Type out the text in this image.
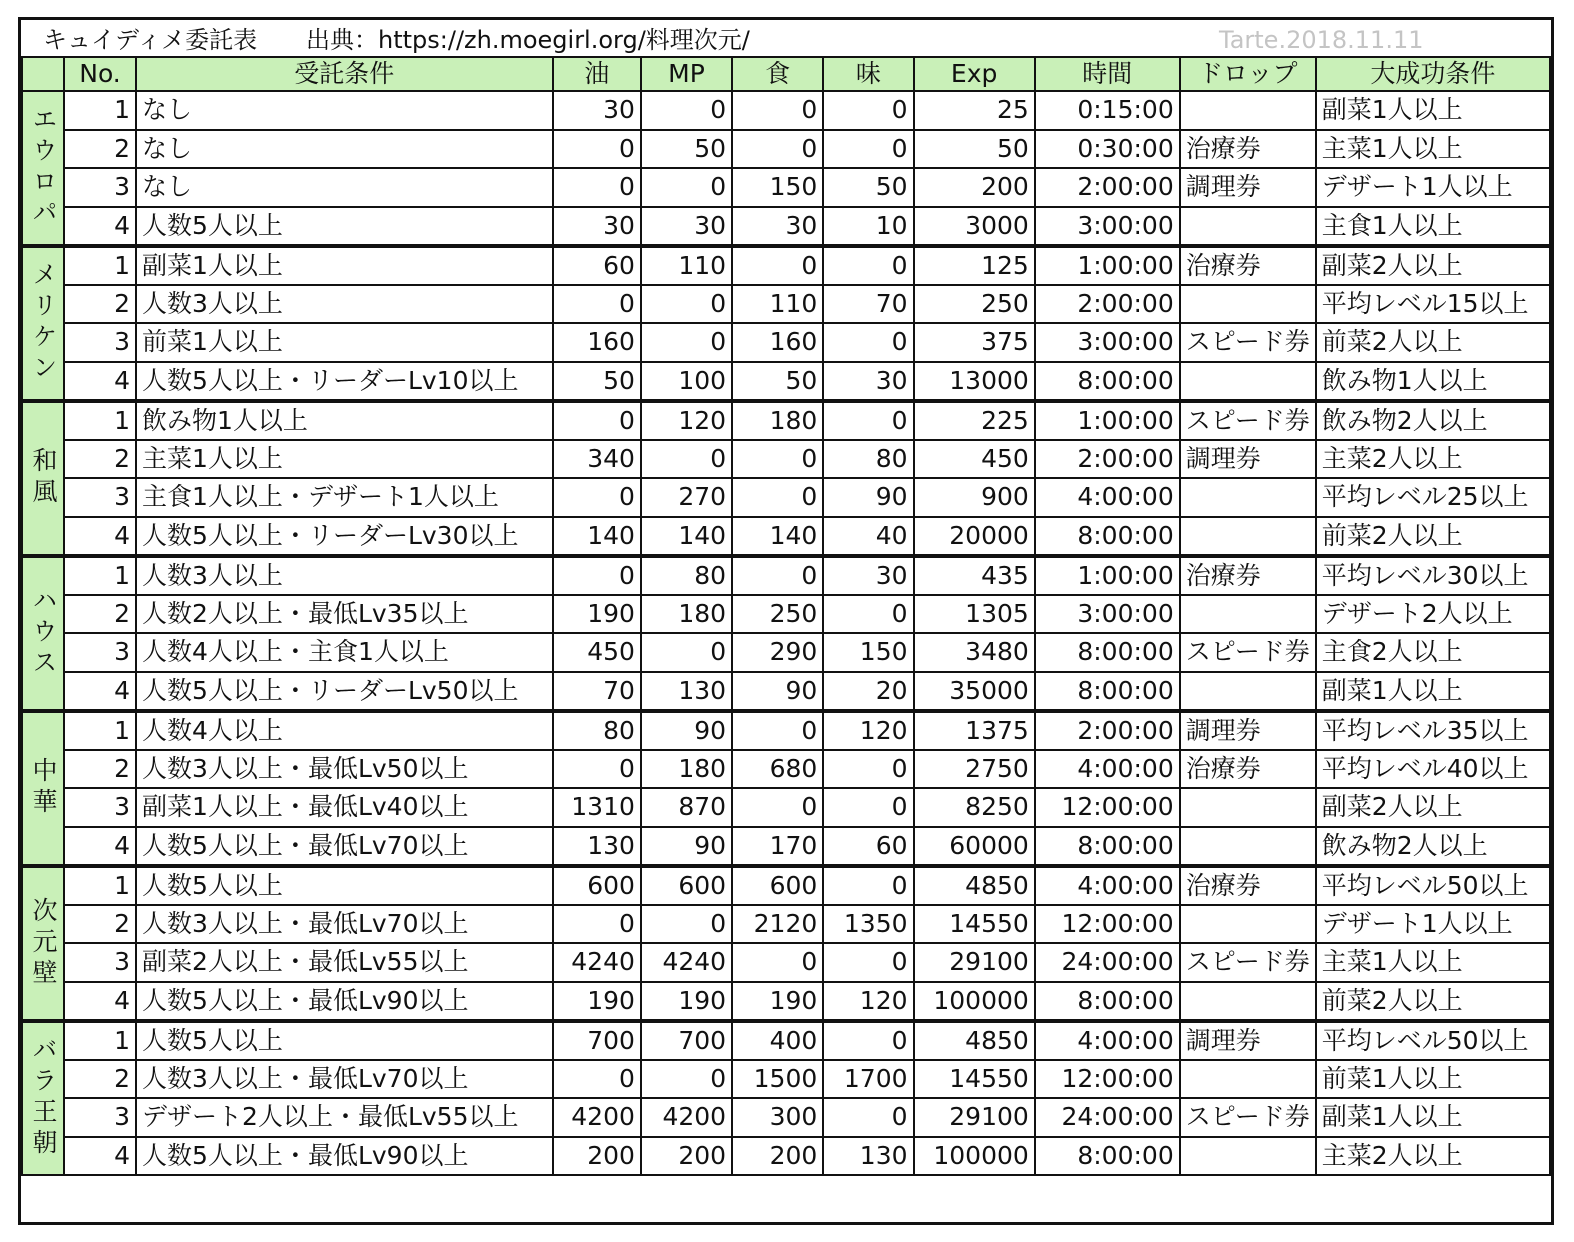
キュイディメ委託表 出典：https://zh.moegirl.org/料理次元/	Tarte.2018.11.11
	No.	受託条件	油	MP	食	味	Exp	時間	ドロップ	大成功条件
エウロパ	1	なし	30	0	0	0	25	0:15:00		副菜1人以上
	2	なし	0	50	0	0	50	0:30:00	治療券	主菜1人以上
	3	なし	0	0	150	50	200	2:00:00	調理券	デザート1人以上
	4	人数5人以上	30	30	30	10	3000	3:00:00		主食1人以上
メリケン	1	副菜1人以上	60	110	0	0	125	1:00:00	治療券	副菜2人以上
	2	人数3人以上	0	0	110	70	250	2:00:00		平均レベル15以上
	3	前菜1人以上	160	0	160	0	375	3:00:00	スピード券	前菜2人以上
	4	人数5人以上・リーダーLv10以上	50	100	50	30	13000	8:00:00		飲み物1人以上
和風	1	飲み物1人以上	0	120	180	0	225	1:00:00	スピード券	飲み物2人以上
	2	主菜1人以上	340	0	0	80	450	2:00:00	調理券	主菜2人以上
	3	主食1人以上・デザート1人以上	0	270	0	90	900	4:00:00		平均レベル25以上
	4	人数5人以上・リーダーLv30以上	140	140	140	40	20000	8:00:00		前菜2人以上
ハウス	1	人数3人以上	0	80	0	30	435	1:00:00	治療券	平均レベル30以上
	2	人数2人以上・最低Lv35以上	190	180	250	0	1305	3:00:00		デザート2人以上
	3	人数4人以上・主食1人以上	450	0	290	150	3480	8:00:00	スピード券	主食2人以上
	4	人数5人以上・リーダーLv50以上	70	130	90	20	35000	8:00:00		副菜1人以上
中華	1	人数4人以上	80	90	0	120	1375	2:00:00	調理券	平均レベル35以上
	2	人数3人以上・最低Lv50以上	0	180	680	0	2750	4:00:00	治療券	平均レベル40以上
	3	副菜1人以上・最低Lv40以上	1310	870	0	0	8250	12:00:00		副菜2人以上
	4	人数5人以上・最低Lv70以上	130	90	170	60	60000	8:00:00		飲み物2人以上
次元壁	1	人数5人以上	600	600	600	0	4850	4:00:00	治療券	平均レベル50以上
	2	人数3人以上・最低Lv70以上	0	0	2120	1350	14550	12:00:00		デザート1人以上
	3	副菜2人以上・最低Lv55以上	4240	4240	0	0	29100	24:00:00	スピード券	主菜1人以上
	4	人数5人以上・最低Lv90以上	190	190	190	120	100000	8:00:00		前菜2人以上
バラ王朝	1	人数5人以上	700	700	400	0	4850	4:00:00	調理券	平均レベル50以上
	2	人数3人以上・最低Lv70以上	0	0	1500	1700	14550	12:00:00		前菜1人以上
	3	デザート2人以上・最低Lv55以上	4200	4200	300	0	29100	24:00:00	スピード券	副菜1人以上
	4	人数5人以上・最低Lv90以上	200	200	200	130	100000	8:00:00		主菜2人以上
